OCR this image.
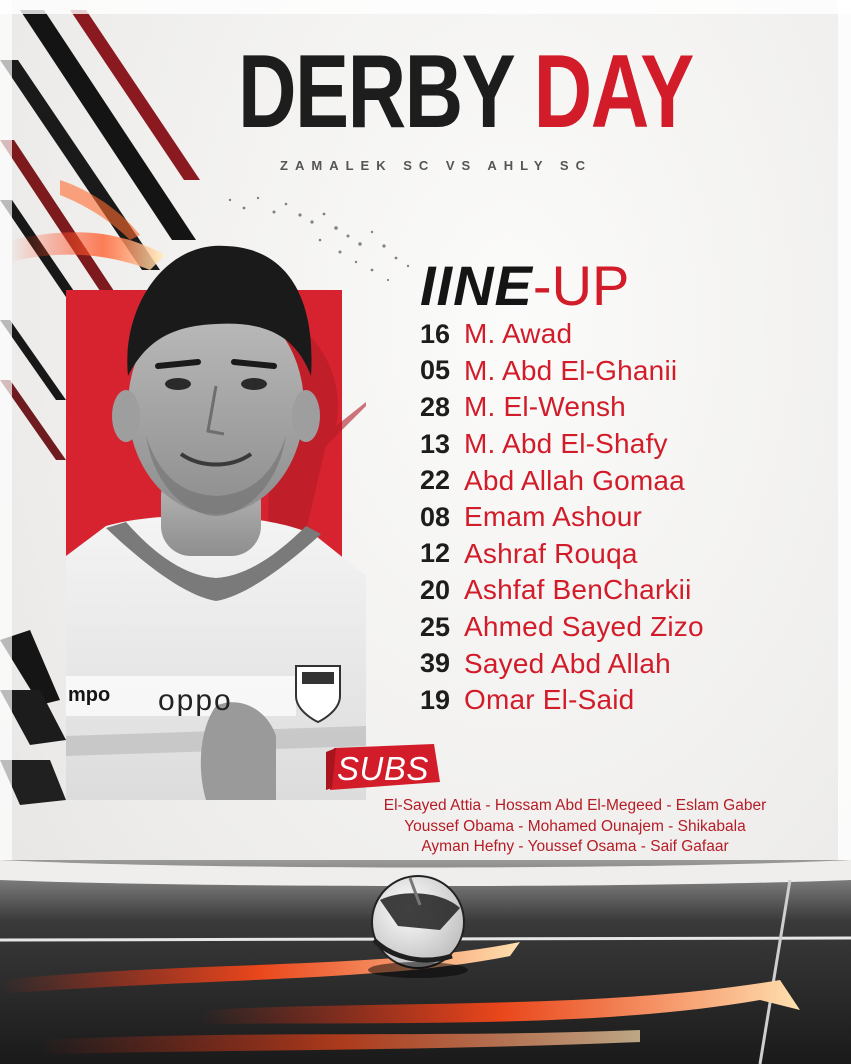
DERBY DAY
ZAMALEK SC VS AHLY SC
mpo oppo
IINE-UP
16 M. Awad
05 M. Abd El-Ghanii
28 M. El-Wensh
13 M. Abd El-Shafy
22 Abd Allah Gomaa
08 Emam Ashour
12 Ashraf Rouqa
20 Ashfaf BenCharkii
25 Ahmed Sayed Zizo
39 Sayed Abd Allah
19 Omar El-Said
SUBS
El-Sayed Attia - Hossam Abd El-Megeed - Eslam Gaber
Youssef Obama - Mohamed Ounajem - Shikabala
Ayman Hefny - Youssef Osama - Saif Gafaar
